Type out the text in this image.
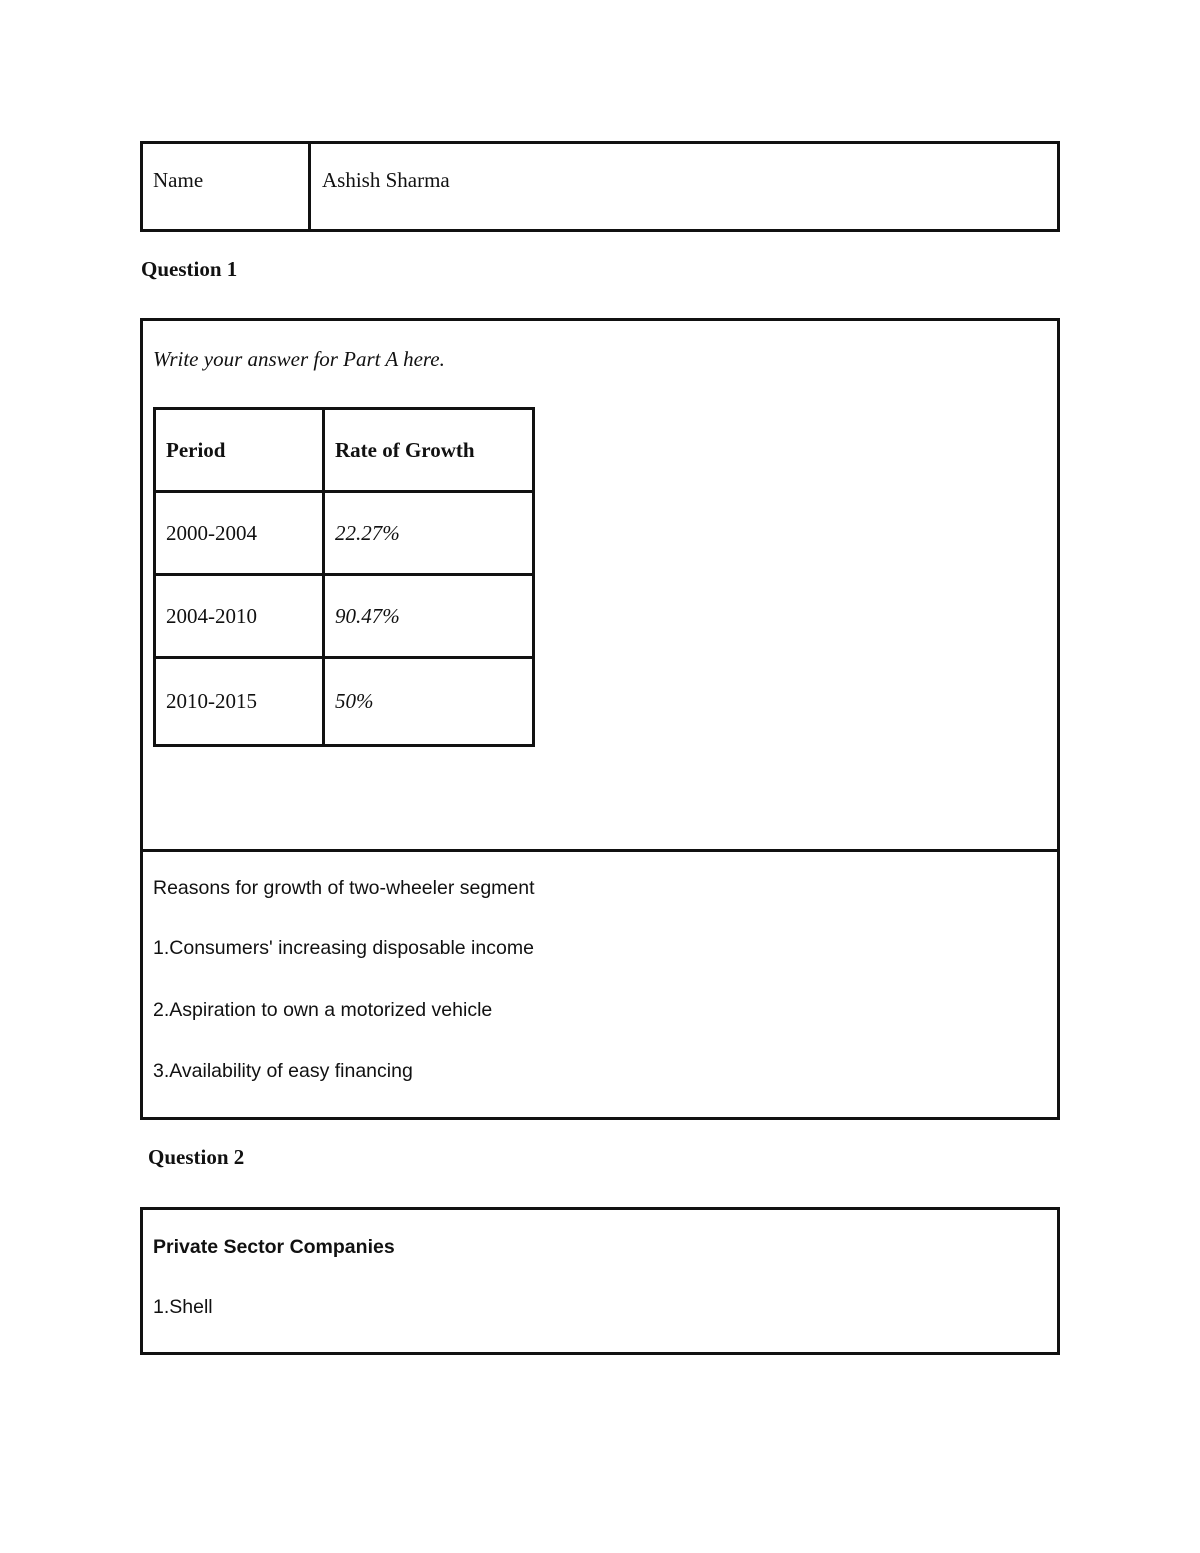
Name	Ashish Sharma
Question 1
Write your answer for Part A here.
Period	Rate of Growth
2000-2004	22.27%
2004-2010	90.47%
2010-2015	50%
Reasons for growth of two-wheeler segment
1.Consumers' increasing disposable income
2.Aspiration to own a motorized vehicle
3.Availability of easy financing
Question 2
Private Sector Companies
1.Shell
